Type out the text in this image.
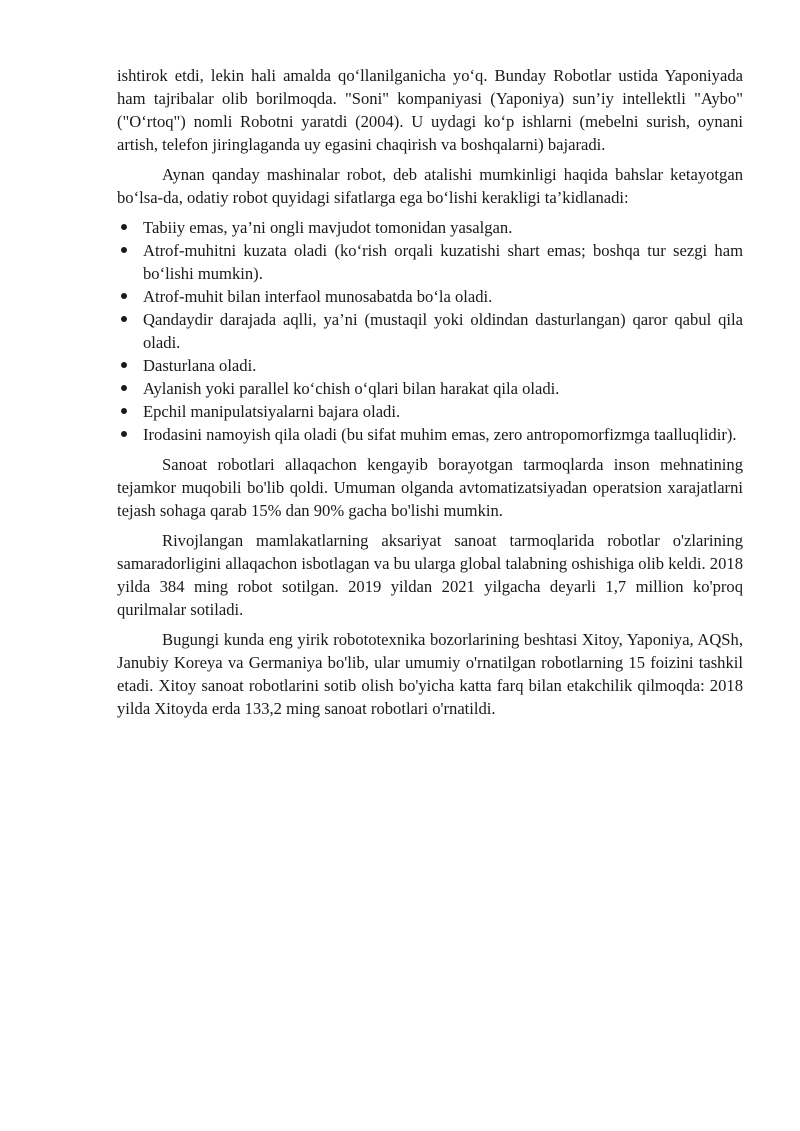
ishtirok etdi, lekin hali amalda qo‘llanilganicha yo‘q. Bunday Robotlar ustida Yaponiyada ham tajribalar olib borilmoqda. "Soni" kompaniyasi (Yaponiya) sun’iy intellektli "Aybo" ("O‘rtoq") nomli Robotni yaratdi (2004). U uydagi ko‘p ishlarni (mebelni surish, oynani artish, telefon jiringlaganda uy egasini chaqirish va boshqalarni) bajaradi.

Aynan qanday mashinalar robot, deb atalishi mumkinligi haqida bahslar ketayotgan bo‘lsa-da, odatiy robot quyidagi sifatlarga ega bo‘lishi kerakligi ta’kidlanadi:

Tabiiy emas, ya’ni ongli mavjudot tomonidan yasalgan.
Atrof-muhitni kuzata oladi (ko‘rish orqali kuzatishi shart emas; boshqa tur sezgi ham bo‘lishi mumkin).
Atrof-muhit bilan interfaol munosabatda bo‘la oladi.
Qandaydir darajada aqlli, ya’ni (mustaqil yoki oldindan dasturlangan) qaror qabul qila oladi.
Dasturlana oladi.
Aylanish yoki parallel ko‘chish o‘qlari bilan harakat qila oladi.
Epchil manipulatsiyalarni bajara oladi.
Irodasini namoyish qila oladi (bu sifat muhim emas, zero antropomorfizmga taalluqlidir).

Sanoat robotlari allaqachon kengayib borayotgan tarmoqlarda inson mehnatining tejamkor muqobili bo'lib qoldi. Umuman olganda avtomatizatsiyadan operatsion xarajatlarni tejash sohaga qarab 15% dan 90% gacha bo'lishi mumkin.

Rivojlangan mamlakatlarning aksariyat sanoat tarmoqlarida robotlar o'zlarining samaradorligini allaqachon isbotlagan va bu ularga global talabning oshishiga olib keldi. 2018 yilda 384 ming robot sotilgan. 2019 yildan 2021 yilgacha deyarli 1,7 million ko'proq qurilmalar sotiladi.

Bugungi kunda eng yirik robototexnika bozorlarining beshtasi Xitoy, Yaponiya, AQSh, Janubiy Koreya va Germaniya bo'lib, ular umumiy o'rnatilgan robotlarning 15 foizini tashkil etadi. Xitoy sanoat robotlarini sotib olish bo'yicha katta farq bilan etakchilik qilmoqda: 2018 yilda Xitoyda erda 133,2 ming sanoat robotlari o'rnatildi.
